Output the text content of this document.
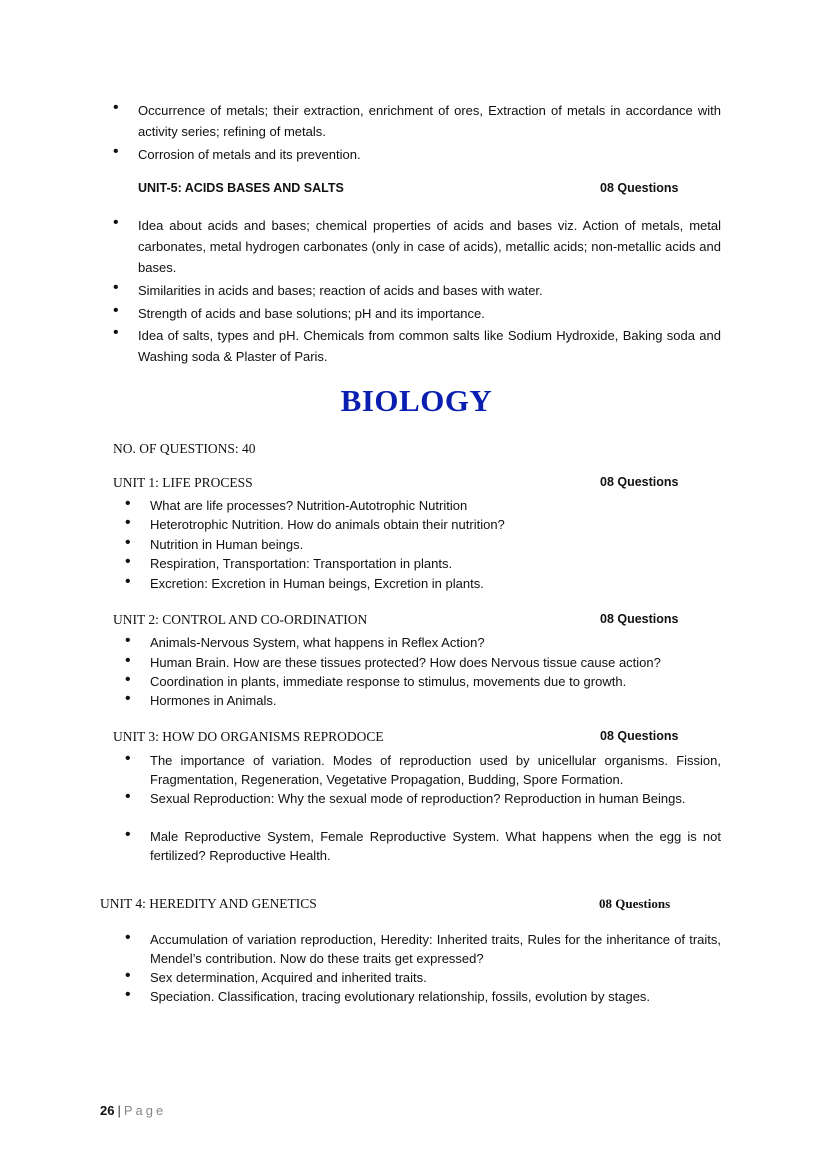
• Occurrence of metals; their extraction, enrichment of ores, Extraction of metals in accordance with activity series; refining of metals.
• Corrosion of metals and its prevention.
UNIT-5: ACIDS BASES AND SALTS	08 Questions
• Idea about acids and bases; chemical properties of acids and bases viz. Action of metals, metal carbonates, metal hydrogen carbonates (only in case of acids), metallic acids; non-metallic acids and bases.
• Similarities in acids and bases; reaction of acids and bases with water.
• Strength of acids and base solutions; pH and its importance.
• Idea of salts, types and pH. Chemicals from common salts like Sodium Hydroxide, Baking soda and Washing soda & Plaster of Paris.
BIOLOGY
NO. OF QUESTIONS: 40
UNIT 1: LIFE PROCESS	08 Questions
• What are life processes? Nutrition-Autotrophic Nutrition
• Heterotrophic Nutrition. How do animals obtain their nutrition?
• Nutrition in Human beings.
• Respiration, Transportation: Transportation in plants.
• Excretion: Excretion in Human beings, Excretion in plants.
UNIT 2: CONTROL AND CO-ORDINATION	08 Questions
• Animals-Nervous System, what happens in Reflex Action?
• Human Brain. How are these tissues protected? How does Nervous tissue cause action?
• Coordination in plants, immediate response to stimulus, movements due to growth.
• Hormones in Animals.
UNIT 3: HOW DO ORGANISMS REPRODOCE	08 Questions
• The importance of variation. Modes of reproduction used by unicellular organisms. Fission, Fragmentation, Regeneration, Vegetative Propagation, Budding, Spore Formation.
• Sexual Reproduction: Why the sexual mode of reproduction? Reproduction in human Beings.
• Male Reproductive System, Female Reproductive System. What happens when the egg is not fertilized? Reproductive Health.
UNIT 4: HEREDITY AND GENETICS	08 Questions
• Accumulation of variation reproduction, Heredity: Inherited traits, Rules for the inheritance of traits, Mendel’s contribution. Now do these traits get expressed?
• Sex determination, Acquired and inherited traits.
• Speciation. Classification, tracing evolutionary relationship, fossils, evolution by stages.
26 | Page
